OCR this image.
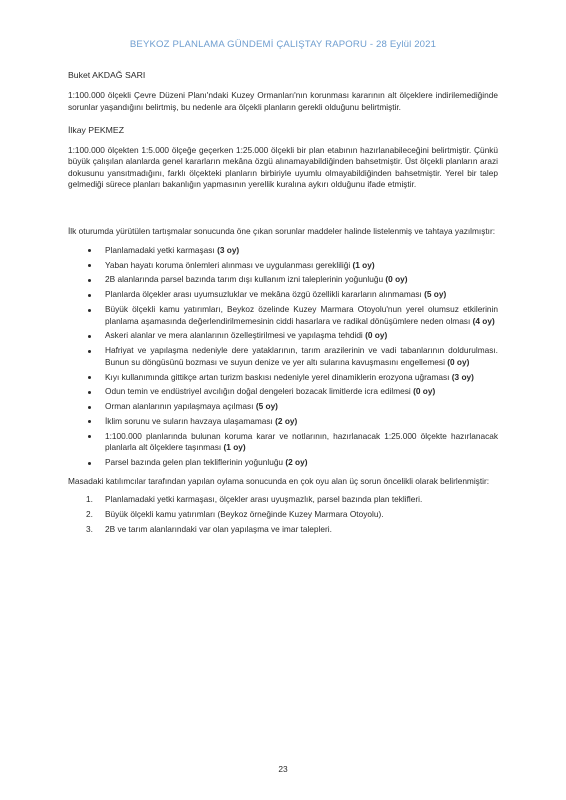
BEYKOZ PLANLAMA GÜNDEMİ ÇALIŞTAY RAPORU - 28 Eylül 2021

Buket AKDAĞ SARI

1:100.000 ölçekli Çevre Düzeni Planı'ndaki Kuzey Ormanları'nın korunması kararının alt ölçeklere indirilemediğinde sorunlar yaşandığını belirtmiş, bu nedenle ara ölçekli planların gerekli olduğunu belirtmiştir.

İlkay PEKMEZ

1:100.000 ölçekten 1:5.000 ölçeğe geçerken 1:25.000 ölçekli bir plan etabının hazırlanabileceğini belirtmiştir. Çünkü büyük çalışılan alanlarda genel kararların mekâna özgü alınamayabildiğinden bahsetmiştir. Üst ölçekli planların arazi dokusunu yansıtmadığını, farklı ölçekteki planların birbiriyle uyumlu olmayabildiğinden bahsetmiştir. Yerel bir talep gelmediği sürece planları bakanlığın yapmasının yerellik kuralına aykırı olduğunu ifade etmiştir.

İlk oturumda yürütülen tartışmalar sonucunda öne çıkan sorunlar maddeler halinde listelenmiş ve tahtaya yazılmıştır:

Planlamadaki yetki karmaşası (3 oy)
Yaban hayatı koruma önlemleri alınması ve uygulanması gerekliliği (1 oy)
2B alanlarında parsel bazında tarım dışı kullanım izni taleplerinin yoğunluğu (0 oy)
Planlarda ölçekler arası uyumsuzluklar ve mekâna özgü özellikli kararların alınmaması (5 oy)
Büyük ölçekli kamu yatırımları, Beykoz özelinde Kuzey Marmara Otoyolu'nun yerel olumsuz etkilerinin planlama aşamasında değerlendirilmemesinin ciddi hasarlara ve radikal dönüşümlere neden olması (4 oy)
Askeri alanlar ve mera alanlarının özelleştirilmesi ve yapılaşma tehdidi (0 oy)
Hafriyat ve yapılaşma nedeniyle dere yataklarının, tarım arazilerinin ve vadi tabanlarının doldurulması. Bunun su döngüsünü bozması ve suyun denize ve yer altı sularına kavuşmasını engellemesi (0 oy)
Kıyı kullanımında gittikçe artan turizm baskısı nedeniyle yerel dinamiklerin erozyona uğraması (3 oy)
Odun temin ve endüstriyel avcılığın doğal dengeleri bozacak limitlerde icra edilmesi (0 oy)
Orman alanlarının yapılaşmaya açılması (5 oy)
İklim sorunu ve suların havzaya ulaşamaması (2 oy)
1:100.000 planlarında bulunan koruma karar ve notlarının, hazırlanacak 1:25.000 ölçekte hazırlanacak planlarla alt ölçeklere taşınması (1 oy)
Parsel bazında gelen plan tekliflerinin yoğunluğu (2 oy)

Masadaki katılımcılar tarafından yapılan oylama sonucunda en çok oyu alan üç sorun öncelikli olarak belirlenmiştir:

1. Planlamadaki yetki karmaşası, ölçekler arası uyuşmazlık, parsel bazında plan teklifleri.
2. Büyük ölçekli kamu yatırımları (Beykoz örneğinde Kuzey Marmara Otoyolu).
3. 2B ve tarım alanlarındaki var olan yapılaşma ve imar talepleri.
23
